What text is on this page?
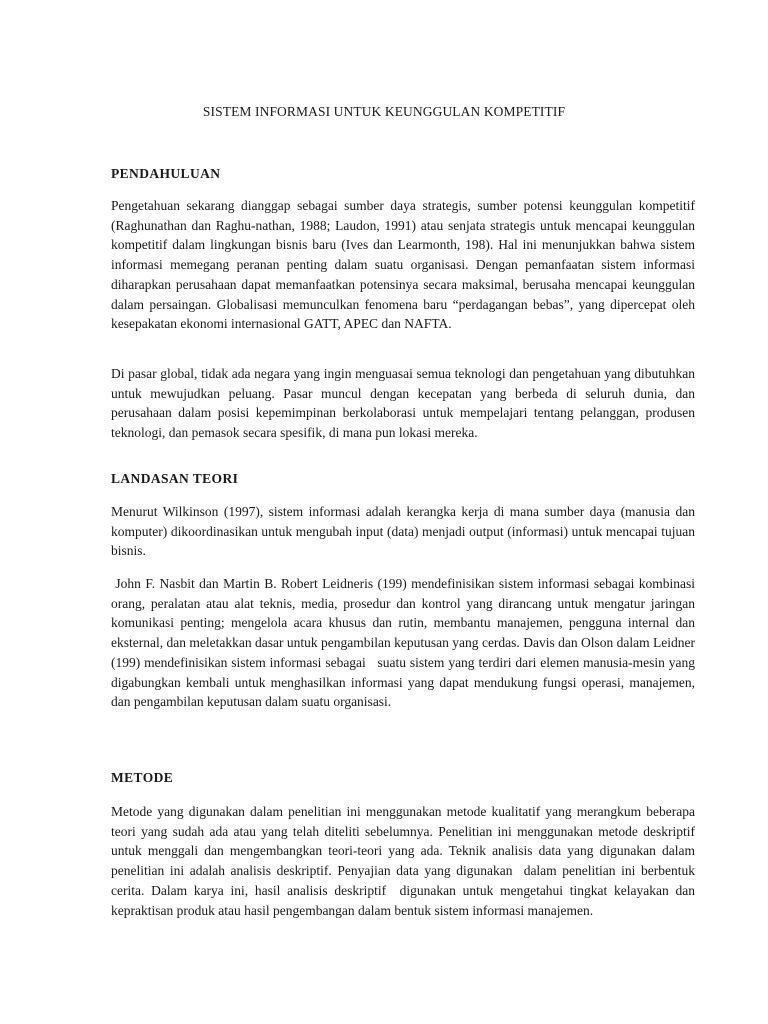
SISTEM INFORMASI UNTUK KEUNGGULAN KOMPETITIF
PENDAHULUAN

Pengetahuan sekarang dianggap sebagai sumber daya strategis, sumber potensi keunggulan kompetitif (Raghunathan dan Raghu-nathan, 1988; Laudon, 1991) atau senjata strategis untuk mencapai keunggulan kompetitif dalam lingkungan bisnis baru (Ives dan Learmonth, 198). Hal ini menunjukkan bahwa sistem informasi memegang peranan penting dalam suatu organisasi. Dengan pemanfaatan sistem informasi diharapkan perusahaan dapat memanfaatkan potensinya secara maksimal, berusaha mencapai keunggulan dalam persaingan. Globalisasi memunculkan fenomena baru “perdagangan bebas”, yang dipercepat oleh kesepakatan ekonomi internasional GATT, APEC dan NAFTA.

Di pasar global, tidak ada negara yang ingin menguasai semua teknologi dan pengetahuan yang dibutuhkan untuk mewujudkan peluang. Pasar muncul dengan kecepatan yang berbeda di seluruh dunia, dan perusahaan dalam posisi kepemimpinan berkolaborasi untuk mempelajari tentang pelanggan, produsen teknologi, dan pemasok secara spesifik, di mana pun lokasi mereka.

LANDASAN TEORI

Menurut Wilkinson (1997), sistem informasi adalah kerangka kerja di mana sumber daya (manusia dan komputer) dikoordinasikan untuk mengubah input (data) menjadi output (informasi) untuk mencapai tujuan bisnis.

John F. Nasbit dan Martin B. Robert Leidneris (199) mendefinisikan sistem informasi sebagai kombinasi orang, peralatan atau alat teknis, media, prosedur dan kontrol yang dirancang untuk mengatur jaringan komunikasi penting; mengelola acara khusus dan rutin, membantu manajemen, pengguna internal dan eksternal, dan meletakkan dasar untuk pengambilan keputusan yang cerdas. Davis dan Olson dalam Leidner (199) mendefinisikan sistem informasi sebagai   suatu sistem yang terdiri dari elemen manusia-mesin yang digabungkan kembali untuk menghasilkan informasi yang dapat mendukung fungsi operasi, manajemen, dan pengambilan keputusan dalam suatu organisasi.

METODE

Metode yang digunakan dalam penelitian ini menggunakan metode kualitatif yang merangkum beberapa teori yang sudah ada atau yang telah diteliti sebelumnya. Penelitian ini menggunakan metode deskriptif untuk menggali dan mengembangkan teori-teori yang ada. Teknik analisis data yang digunakan dalam penelitian ini adalah analisis deskriptif. Penyajian data yang digunakan  dalam penelitian ini berbentuk cerita. Dalam karya ini, hasil analisis deskriptif  digunakan untuk mengetahui tingkat kelayakan dan kepraktisan produk atau hasil pengembangan dalam bentuk sistem informasi manajemen.
